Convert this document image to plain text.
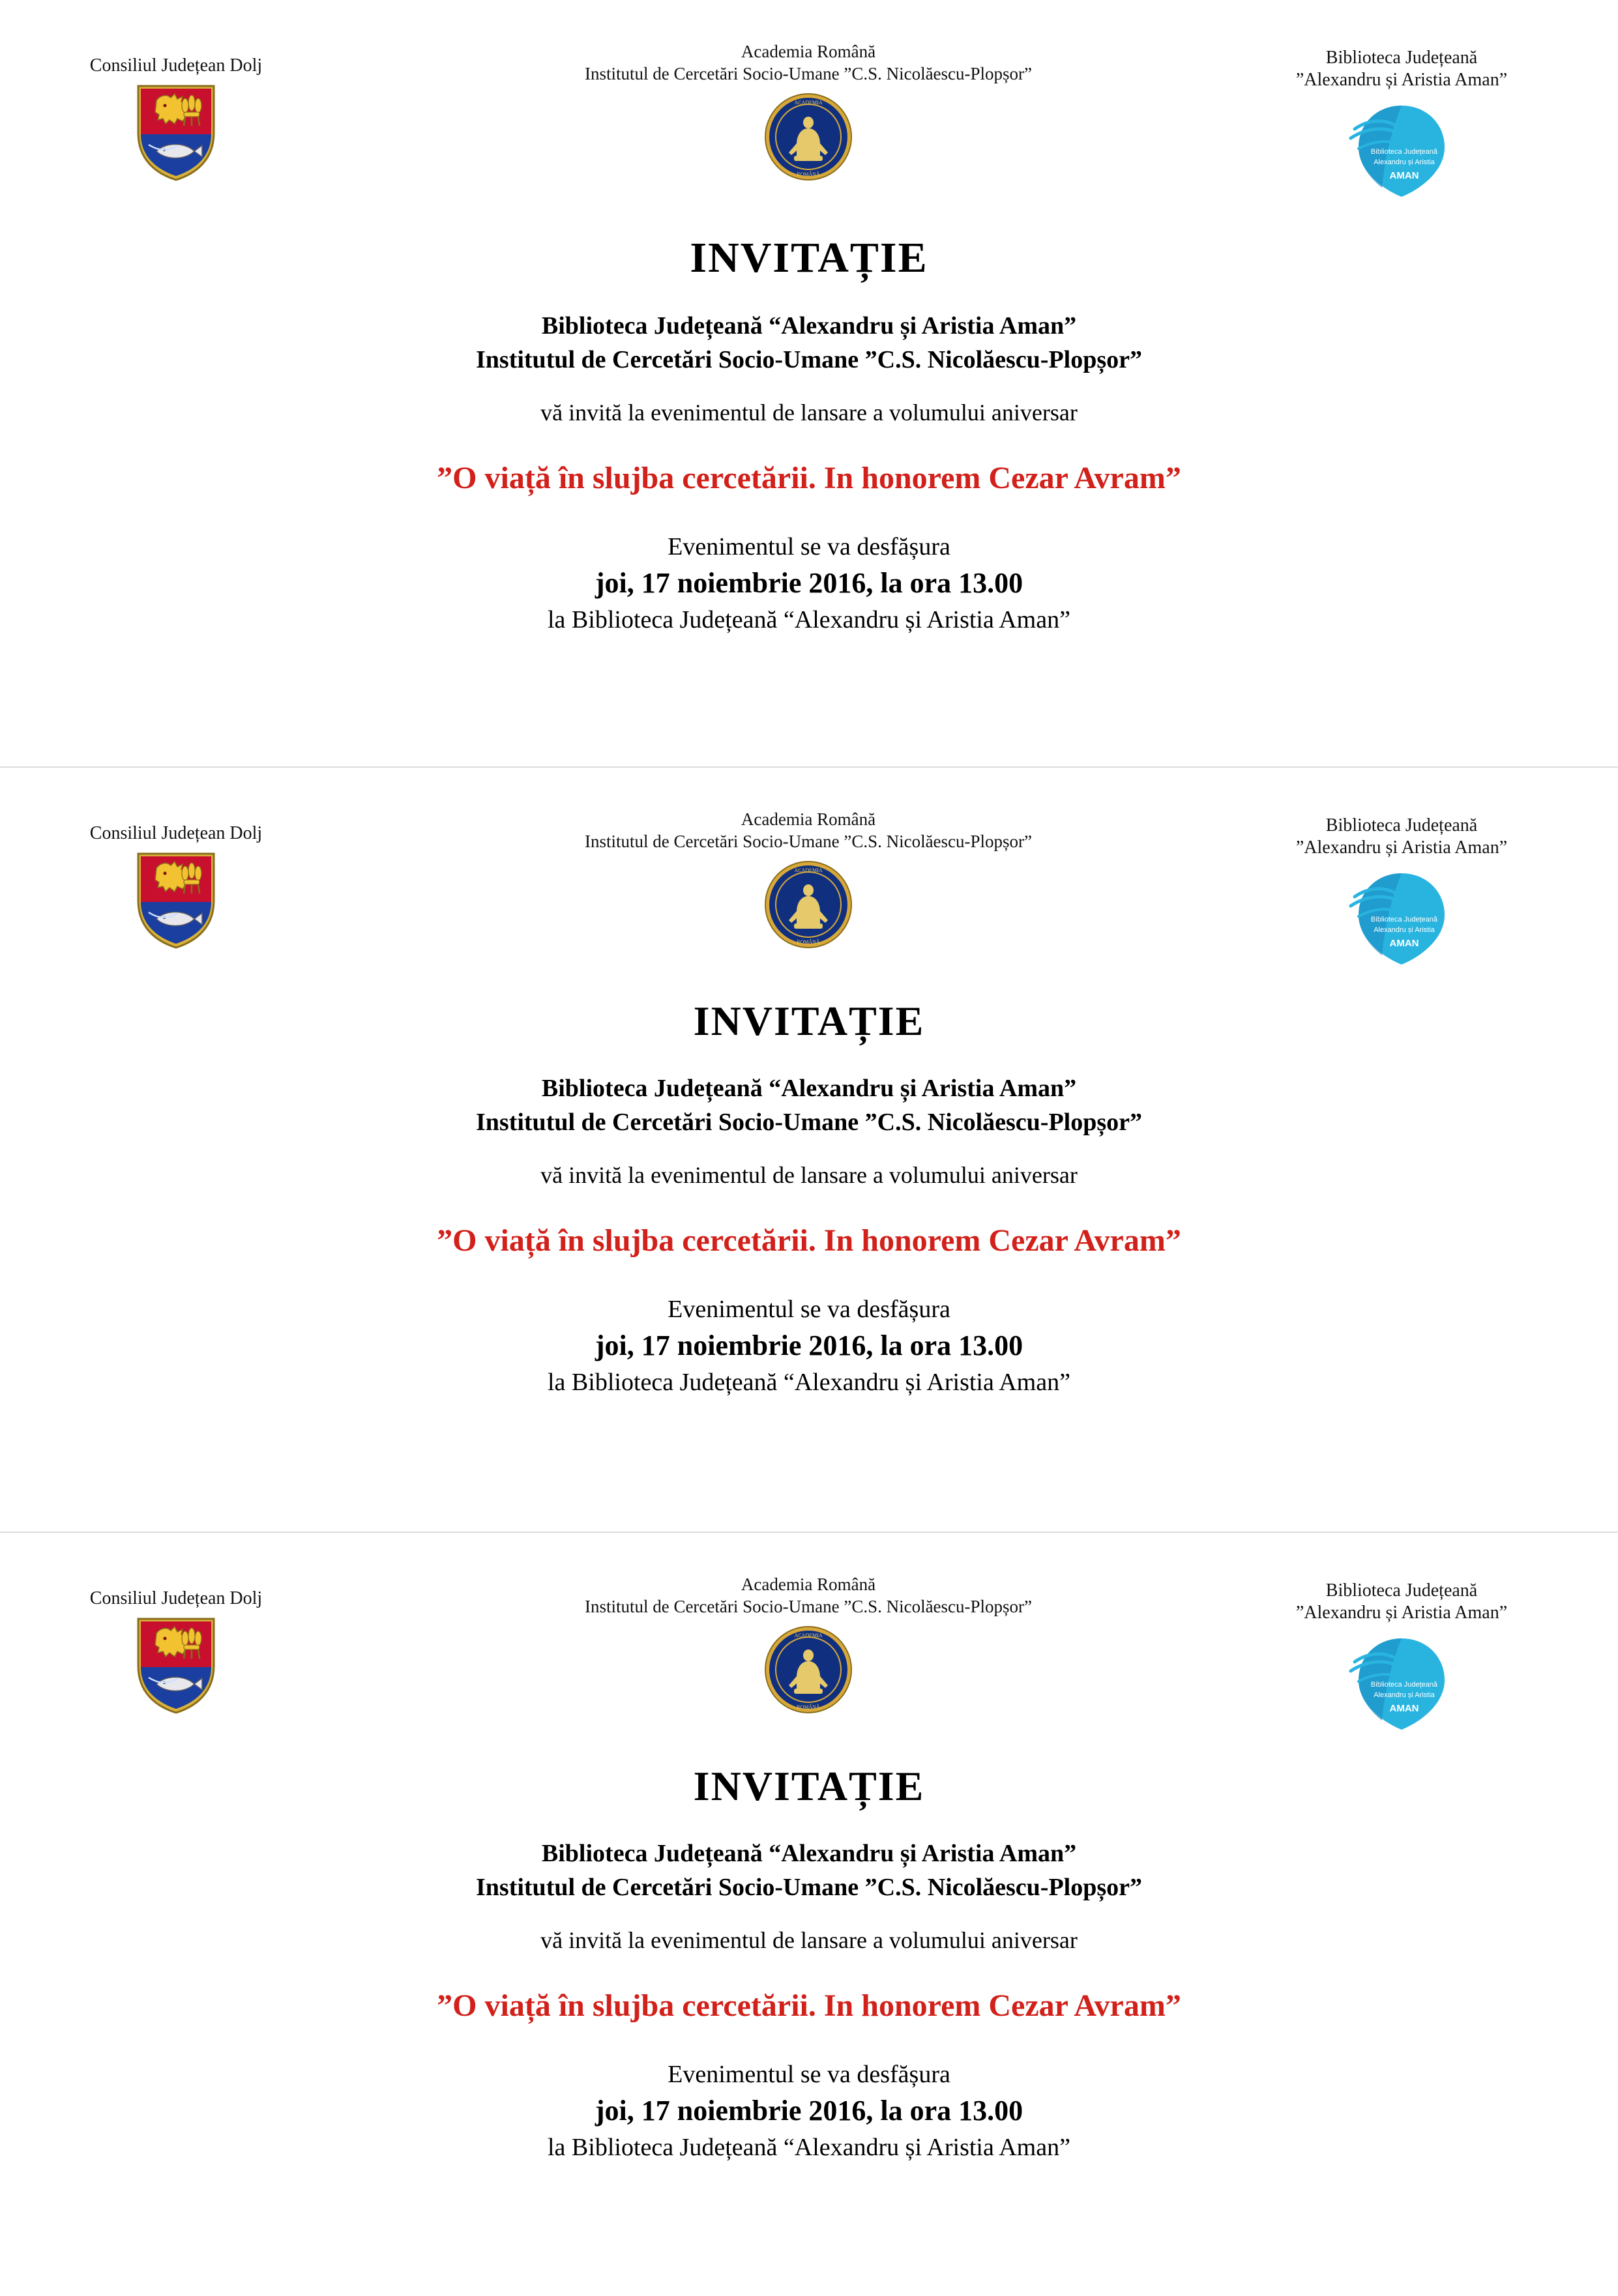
Consiliul Județean Dolj
Academia Română
Institutul de Cercetări Socio-Umane ”C.S. Nicolăescu-Plopșor”
ACADEMIA
ROMÂNĂ
Biblioteca Județeană
”Alexandru și Aristia Aman”
Biblioteca Județeană
Alexandru și Aristia
AMAN
INVITAȚIE
Biblioteca Județeană “Alexandru și Aristia Aman”
Institutul de Cercetări Socio-Umane ”C.S. Nicolăescu-Plopșor”
vă invită la evenimentul de lansare a volumului aniversar
”O viață în slujba cercetării. In honorem Cezar Avram”
Evenimentul se va desfășura
joi, 17 noiembrie 2016, la ora 13.00
la Biblioteca Județeană “Alexandru și Aristia Aman”
Consiliul Județean Dolj
Academia Română
Institutul de Cercetări Socio-Umane ”C.S. Nicolăescu-Plopșor”
ACADEMIA
ROMÂNĂ
Biblioteca Județeană
”Alexandru și Aristia Aman”
Biblioteca Județeană
Alexandru și Aristia
AMAN
INVITAȚIE
Biblioteca Județeană “Alexandru și Aristia Aman”
Institutul de Cercetări Socio-Umane ”C.S. Nicolăescu-Plopșor”
vă invită la evenimentul de lansare a volumului aniversar
”O viață în slujba cercetării. In honorem Cezar Avram”
Evenimentul se va desfășura
joi, 17 noiembrie 2016, la ora 13.00
la Biblioteca Județeană “Alexandru și Aristia Aman”
Consiliul Județean Dolj
Academia Română
Institutul de Cercetări Socio-Umane ”C.S. Nicolăescu-Plopșor”
ACADEMIA
ROMÂNĂ
Biblioteca Județeană
”Alexandru și Aristia Aman”
Biblioteca Județeană
Alexandru și Aristia
AMAN
INVITAȚIE
Biblioteca Județeană “Alexandru și Aristia Aman”
Institutul de Cercetări Socio-Umane ”C.S. Nicolăescu-Plopșor”
vă invită la evenimentul de lansare a volumului aniversar
”O viață în slujba cercetării. In honorem Cezar Avram”
Evenimentul se va desfășura
joi, 17 noiembrie 2016, la ora 13.00
la Biblioteca Județeană “Alexandru și Aristia Aman”
